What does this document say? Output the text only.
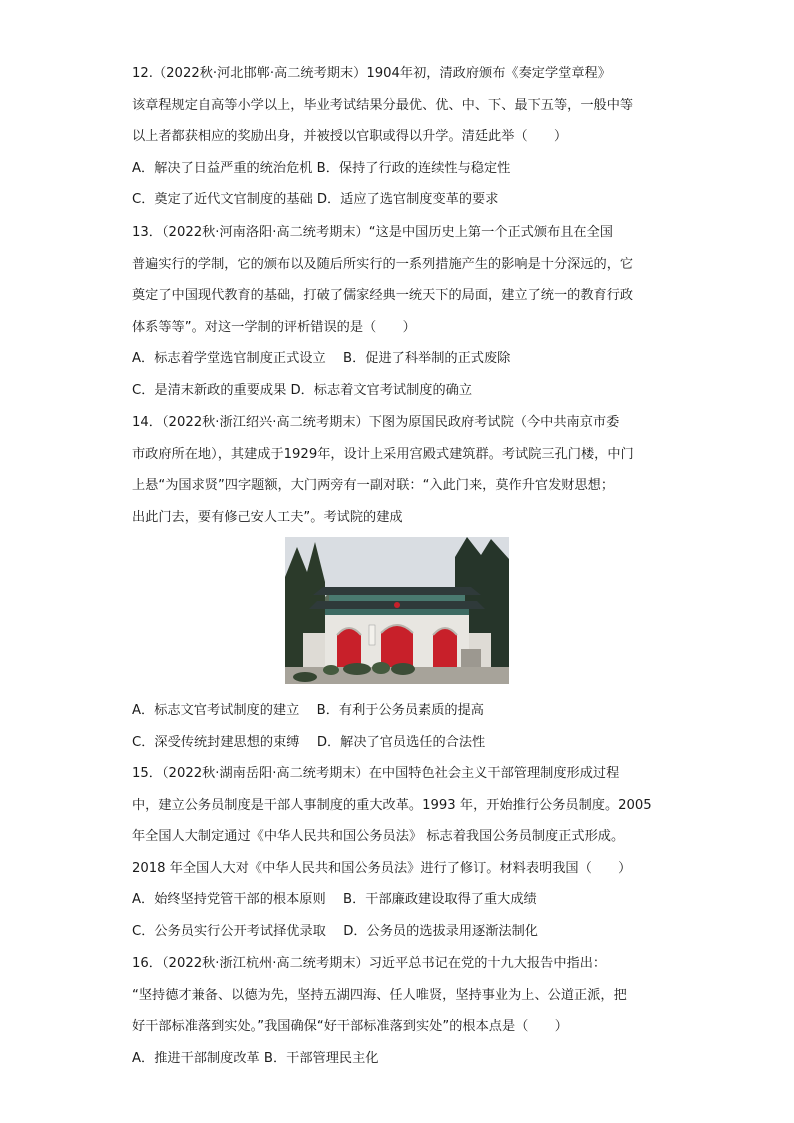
12.（2022秋·河北邯郸·高二统考期末）1904年初，清政府颁布《奏定学堂章程》
该章程规定自高等小学以上，毕业考试结果分最优、优、中、下、最下五等，一般中等
以上者都获相应的奖励出身，并被授以官职或得以升学。清廷此举（　　）
A．解决了日益严重的统治危机 B．保持了行政的连续性与稳定性
C．奠定了近代文官制度的基础 D．适应了选官制度变革的要求
13．（2022秋·河南洛阳·高二统考期末）“这是中国历史上第一个正式颁布且在全国
普遍实行的学制，它的颁布以及随后所实行的一系列措施产生的影响是十分深远的，它
奠定了中国现代教育的基础，打破了儒家经典一统天下的局面，建立了统一的教育行政
体系等等”。对这一学制的评析错误的是（　　）
A．标志着学堂选官制度正式设立　 B．促进了科举制的正式废除
C．是清末新政的重要成果 D．标志着文官考试制度的确立
14．（2022秋·浙江绍兴·高二统考期末）下图为原国民政府考试院（今中共南京市委
市政府所在地），其建成于1929年，设计上采用宫殿式建筑群。考试院三孔门楼，中门
上悬“为国求贤”四字题额，大门两旁有一副对联：“入此门来，莫作升官发财思想；
出此门去，要有修己安人工夫”。考试院的建成
A．标志文官考试制度的建立　 B．有利于公务员素质的提高
C．深受传统封建思想的束缚　 D．解决了官员选任的合法性
15．（2022秋·湖南岳阳·高二统考期末）在中国特色社会主义干部管理制度形成过程
中，建立公务员制度是干部人事制度的重大改革。1993 年，开始推行公务员制度。2005
年全国人大制定通过《中华人民共和国公务员法》 标志着我国公务员制度正式形成。
2018 年全国人大对《中华人民共和国公务员法》进行了修订。材料表明我国（　　）
A．始终坚持党管干部的根本原则　 B．干部廉政建设取得了重大成绩
C．公务员实行公开考试择优录取　 D．公务员的选拔录用逐渐法制化
16．（2022秋·浙江杭州·高二统考期末）习近平总书记在党的十九大报告中指出：
“坚持德才兼备、以德为先，坚持五湖四海、任人唯贤，坚持事业为上、公道正派，把
好干部标准落到实处。”我国确保“好干部标准落到实处”的根本点是（　　）
A．推进干部制度改革 B．干部管理民主化
